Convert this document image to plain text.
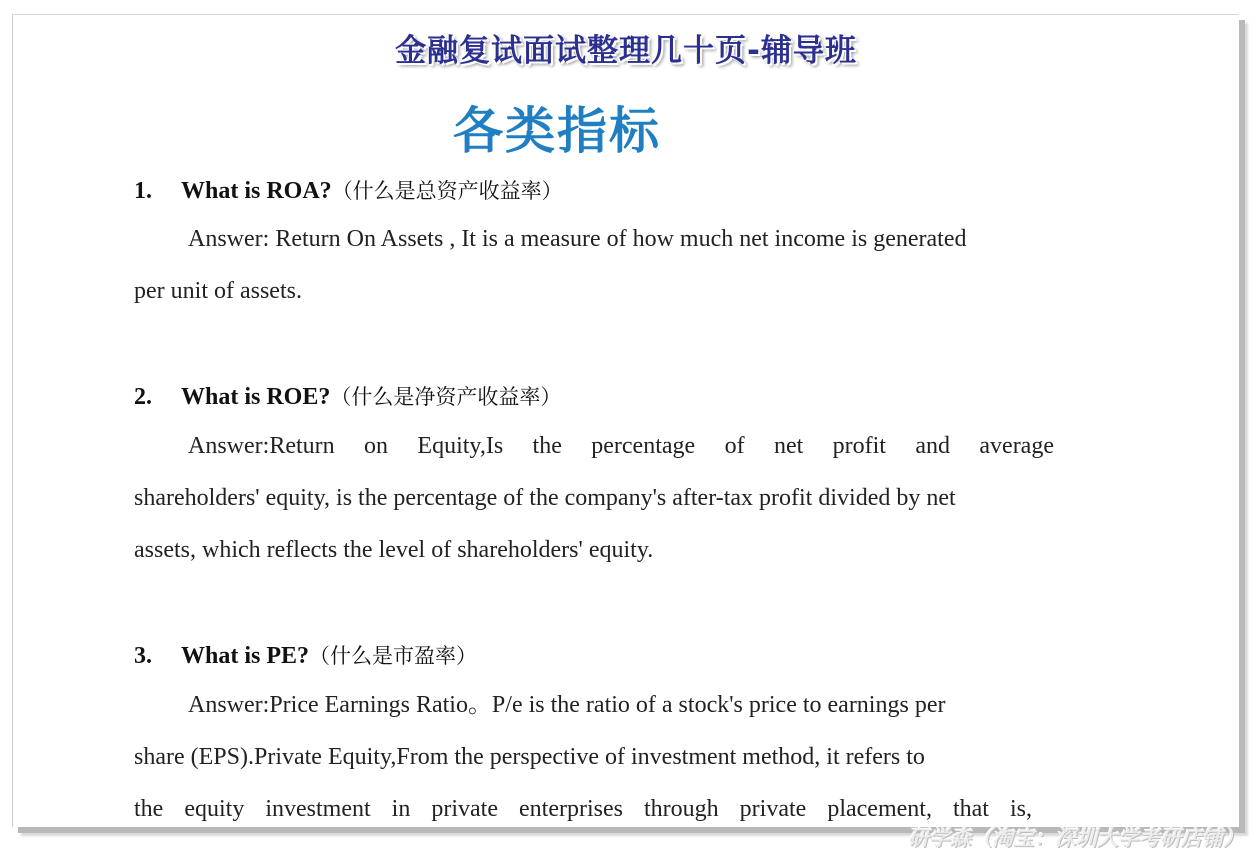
金融复试面试整理几十页-辅导班
各类指标
1. What is ROA?（什么是总资产收益率）
Answer: Return On Assets , It is a measure of how much net income is generated
per unit of assets.
2. What is ROE?（什么是净资产收益率）
Answer:Return on Equity,Is the percentage of net profit and average
shareholders' equity, is the percentage of the company's after-tax profit divided by net
assets, which reflects the level of shareholders' equity.
3. What is PE?（什么是市盈率）
Answer:Price Earnings Ratio。P/e is the ratio of a stock's price to earnings per
share (EPS).Private Equity,From the perspective of investment method, it refers to
the equity investment in private enterprises through private placement, that is,
研学森（淘宝：深圳大学考研店铺）
